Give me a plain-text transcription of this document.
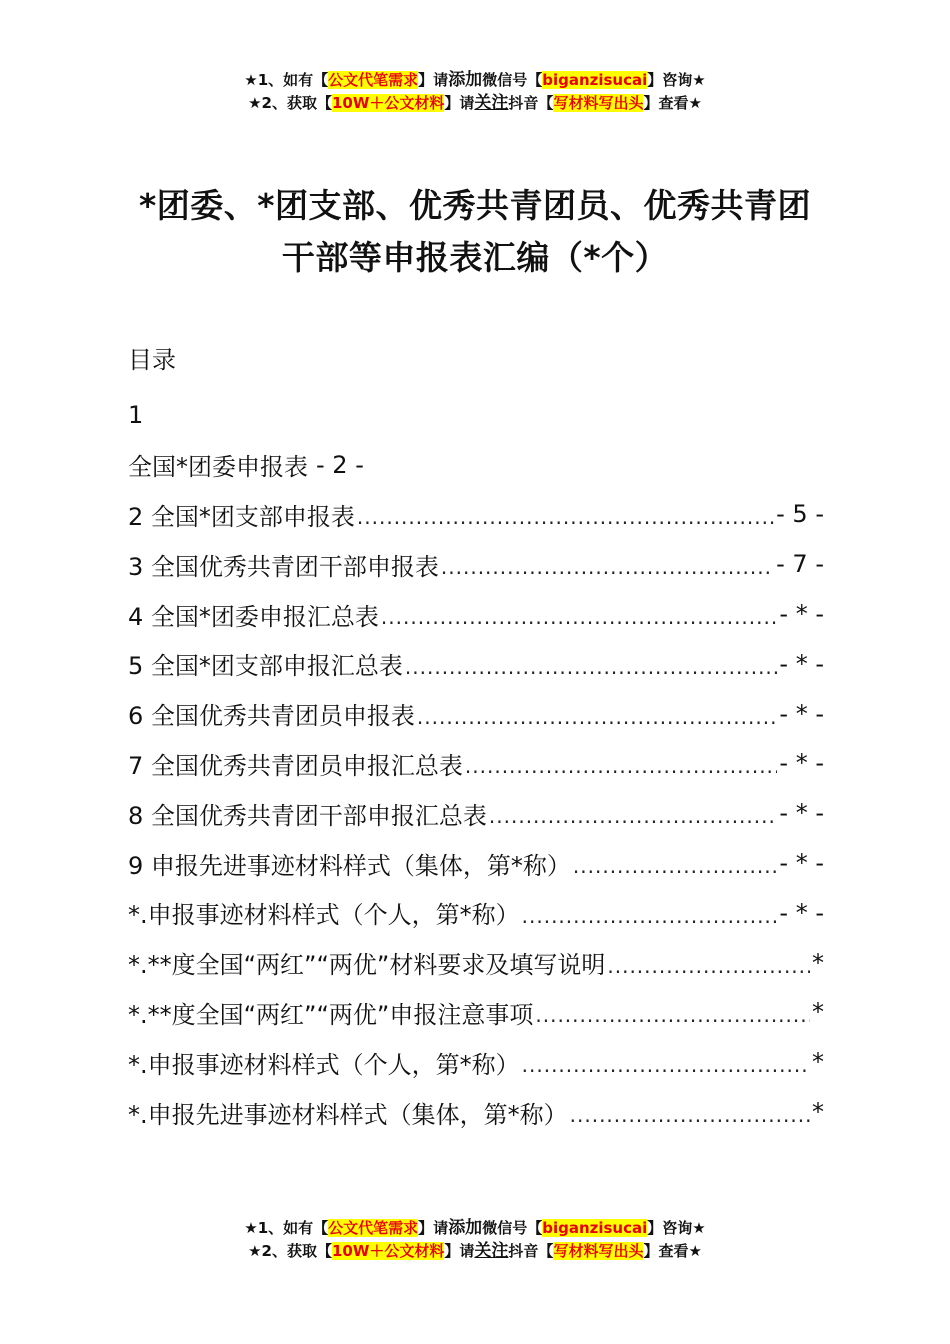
★1、如有【公文代笔需求】请添加微信号【biganzisucai】咨询★
★2、获取【10W＋公文材料】请关注抖音【写材料写出头】查看★
*团委、*团支部、优秀共青团员、优秀共青团
干部等申报表汇编（*个）
目录
1
全国*团委申报表 - 2 -
2 全国*团支部申报表 .....	- 5 -
3 全国优秀共青团干部申报表 .....	- 7 -
4 全国*团委申报汇总表 .....	- * -
5 全国*团支部申报汇总表 .....	- * -
6 全国优秀共青团员申报表 .....	- * -
7 全国优秀共青团员申报汇总表 .....	- * -
8 全国优秀共青团干部申报汇总表 .....	- * -
9 申报先进事迹材料样式（集体，第*称） .....	- * -
*.申报事迹材料样式（个人，第*称） .....	- * -
*.**度全国“两红”“两优”材料要求及填写说明 .....	*
*.**度全国“两红”“两优”申报注意事项 .....	*
*.申报事迹材料样式（个人，第*称） .....	*
*.申报先进事迹材料样式（集体，第*称） .....	*
★1、如有【公文代笔需求】请添加微信号【biganzisucai】咨询★
★2、获取【10W＋公文材料】请关注抖音【写材料写出头】查看★
